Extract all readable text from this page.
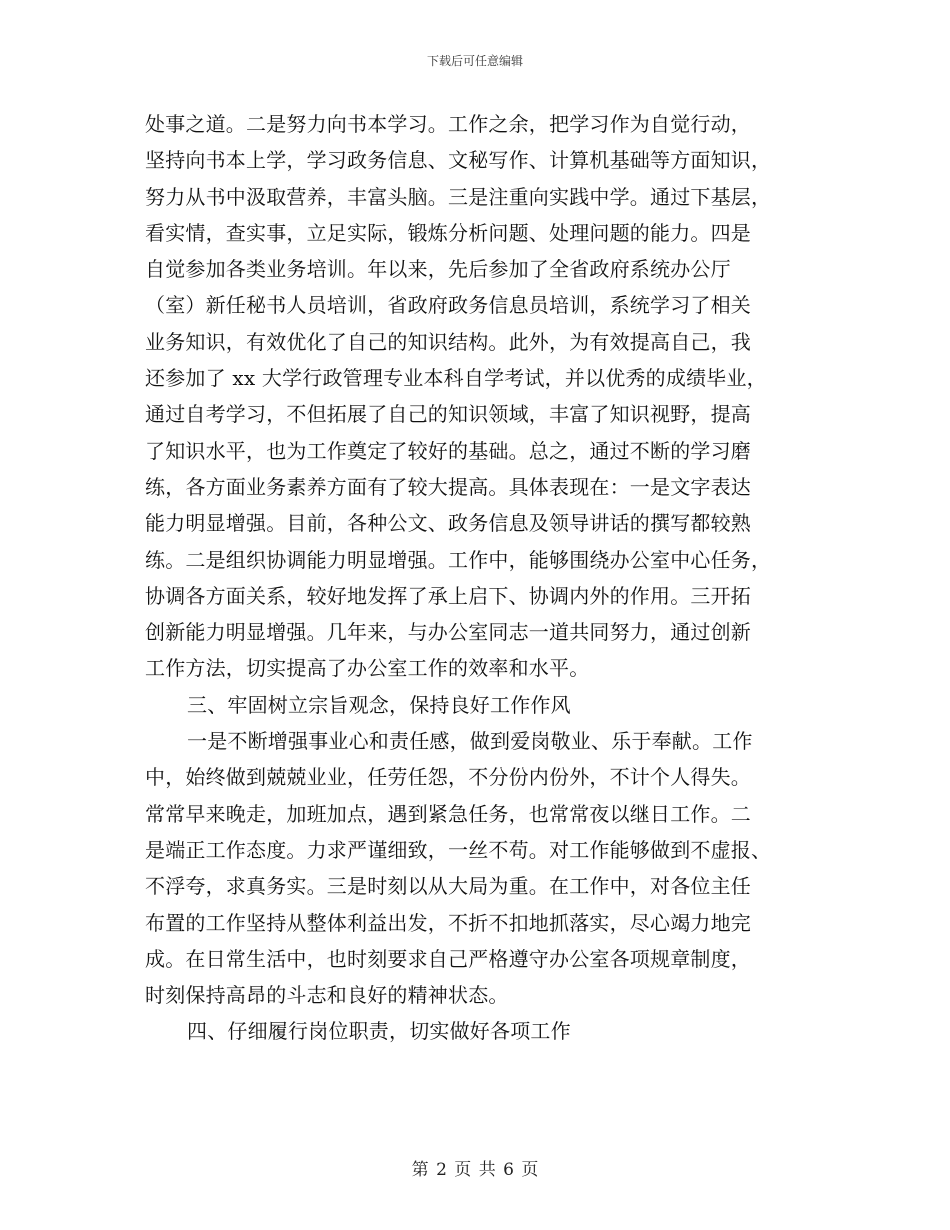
下载后可任意编辑
处事之道。二是努力向书本学习。工作之余，把学习作为自觉行动，
坚持向书本上学，学习政务信息、文秘写作、计算机基础等方面知识，
努力从书中汲取营养，丰富头脑。三是注重向实践中学。通过下基层，
看实情，查实事，立足实际，锻炼分析问题、处理问题的能力。四是
自觉参加各类业务培训。年以来，先后参加了全省政府系统办公厅
（室）新任秘书人员培训，省政府政务信息员培训，系统学习了相关
业务知识，有效优化了自己的知识结构。此外，为有效提高自己，我
还参加了 xx 大学行政管理专业本科自学考试，并以优秀的成绩毕业，
通过自考学习，不但拓展了自己的知识领域，丰富了知识视野，提高
了知识水平，也为工作奠定了较好的基础。总之，通过不断的学习磨
练，各方面业务素养方面有了较大提高。具体表现在：一是文字表达
能力明显增强。目前，各种公文、政务信息及领导讲话的撰写都较熟
练。二是组织协调能力明显增强。工作中，能够围绕办公室中心任务，
协调各方面关系，较好地发挥了承上启下、协调内外的作用。三开拓
创新能力明显增强。几年来，与办公室同志一道共同努力，通过创新
工作方法，切实提高了办公室工作的效率和水平。
三、牢固树立宗旨观念，保持良好工作作风
一是不断增强事业心和责任感，做到爱岗敬业、乐于奉献。工作
中，始终做到兢兢业业，任劳任怨，不分份内份外，不计个人得失。
常常早来晚走，加班加点，遇到紧急任务，也常常夜以继日工作。二
是端正工作态度。力求严谨细致，一丝不苟。对工作能够做到不虚报、
不浮夸，求真务实。三是时刻以从大局为重。在工作中，对各位主任
布置的工作坚持从整体利益出发，不折不扣地抓落实，尽心竭力地完
成。在日常生活中，也时刻要求自己严格遵守办公室各项规章制度，
时刻保持高昂的斗志和良好的精神状态。
四、仔细履行岗位职责，切实做好各项工作
第 2 页 共 6 页
